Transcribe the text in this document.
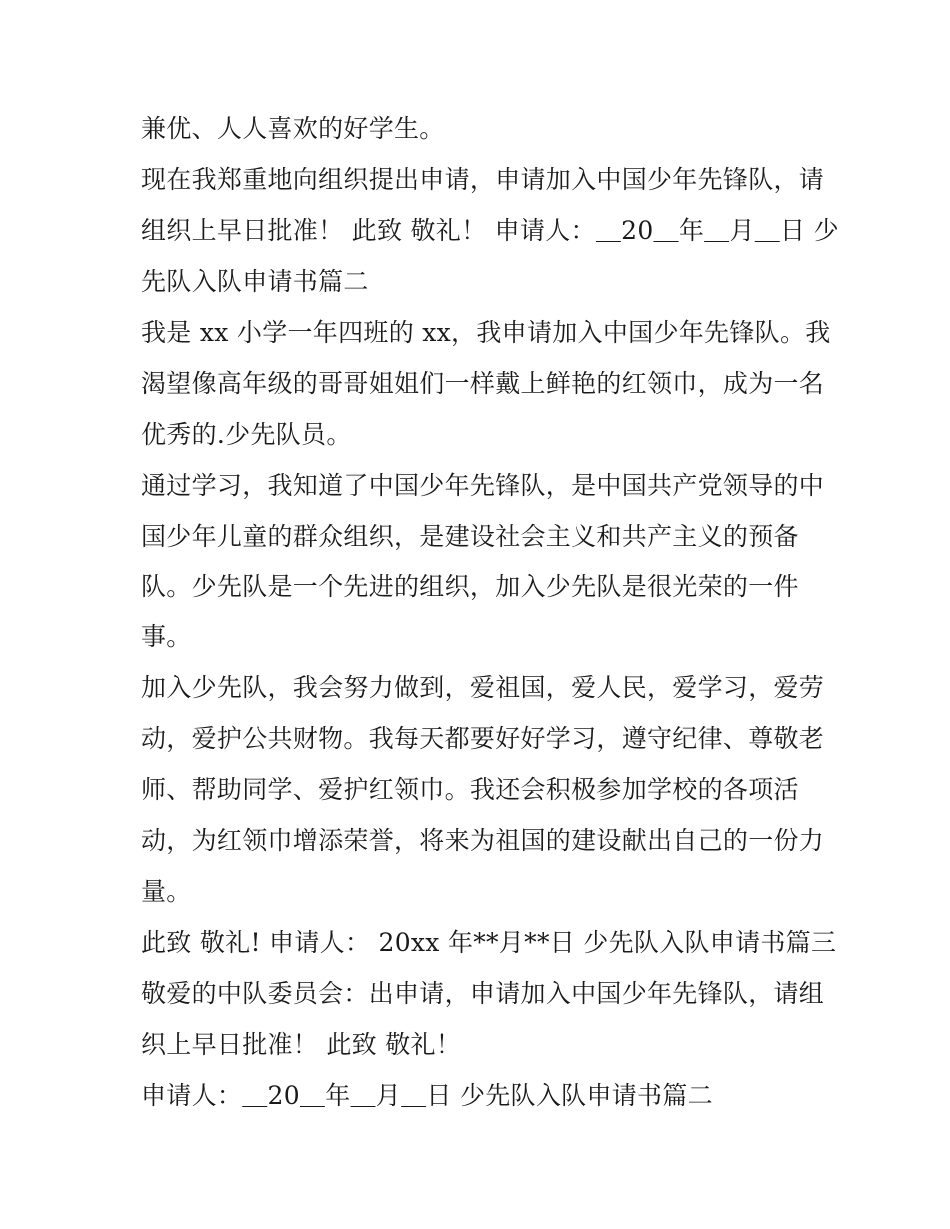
兼优、人人喜欢的好学生。
现在我郑重地向组织提出申请，申请加入中国少年先锋队，请
组织上早日批准！ 此致 敬礼！ 申请人：＿20＿年＿月＿日 少
先队入队申请书篇二
我是 xx 小学一年四班的 xx，我申请加入中国少年先锋队。我
渴望像高年级的哥哥姐姐们一样戴上鲜艳的红领巾，成为一名
优秀的.少先队员。
通过学习，我知道了中国少年先锋队，是中国共产党领导的中
国少年儿童的群众组织，是建设社会主义和共产主义的预备
队。少先队是一个先进的组织，加入少先队是很光荣的一件
事。
加入少先队，我会努力做到，爱祖国，爱人民，爱学习，爱劳
动，爱护公共财物。我每天都要好好学习，遵守纪律、尊敬老
师、帮助同学、爱护红领巾。我还会积极参加学校的各项活
动，为红领巾增添荣誉，将来为祖国的建设献出自己的一份力
量。
此致 敬礼! 申请人： 20xx 年**月**日 少先队入队申请书篇三
敬爱的中队委员会：出申请，申请加入中国少年先锋队，请组
织上早日批准！ 此致 敬礼！
申请人：＿20＿年＿月＿日 少先队入队申请书篇二
